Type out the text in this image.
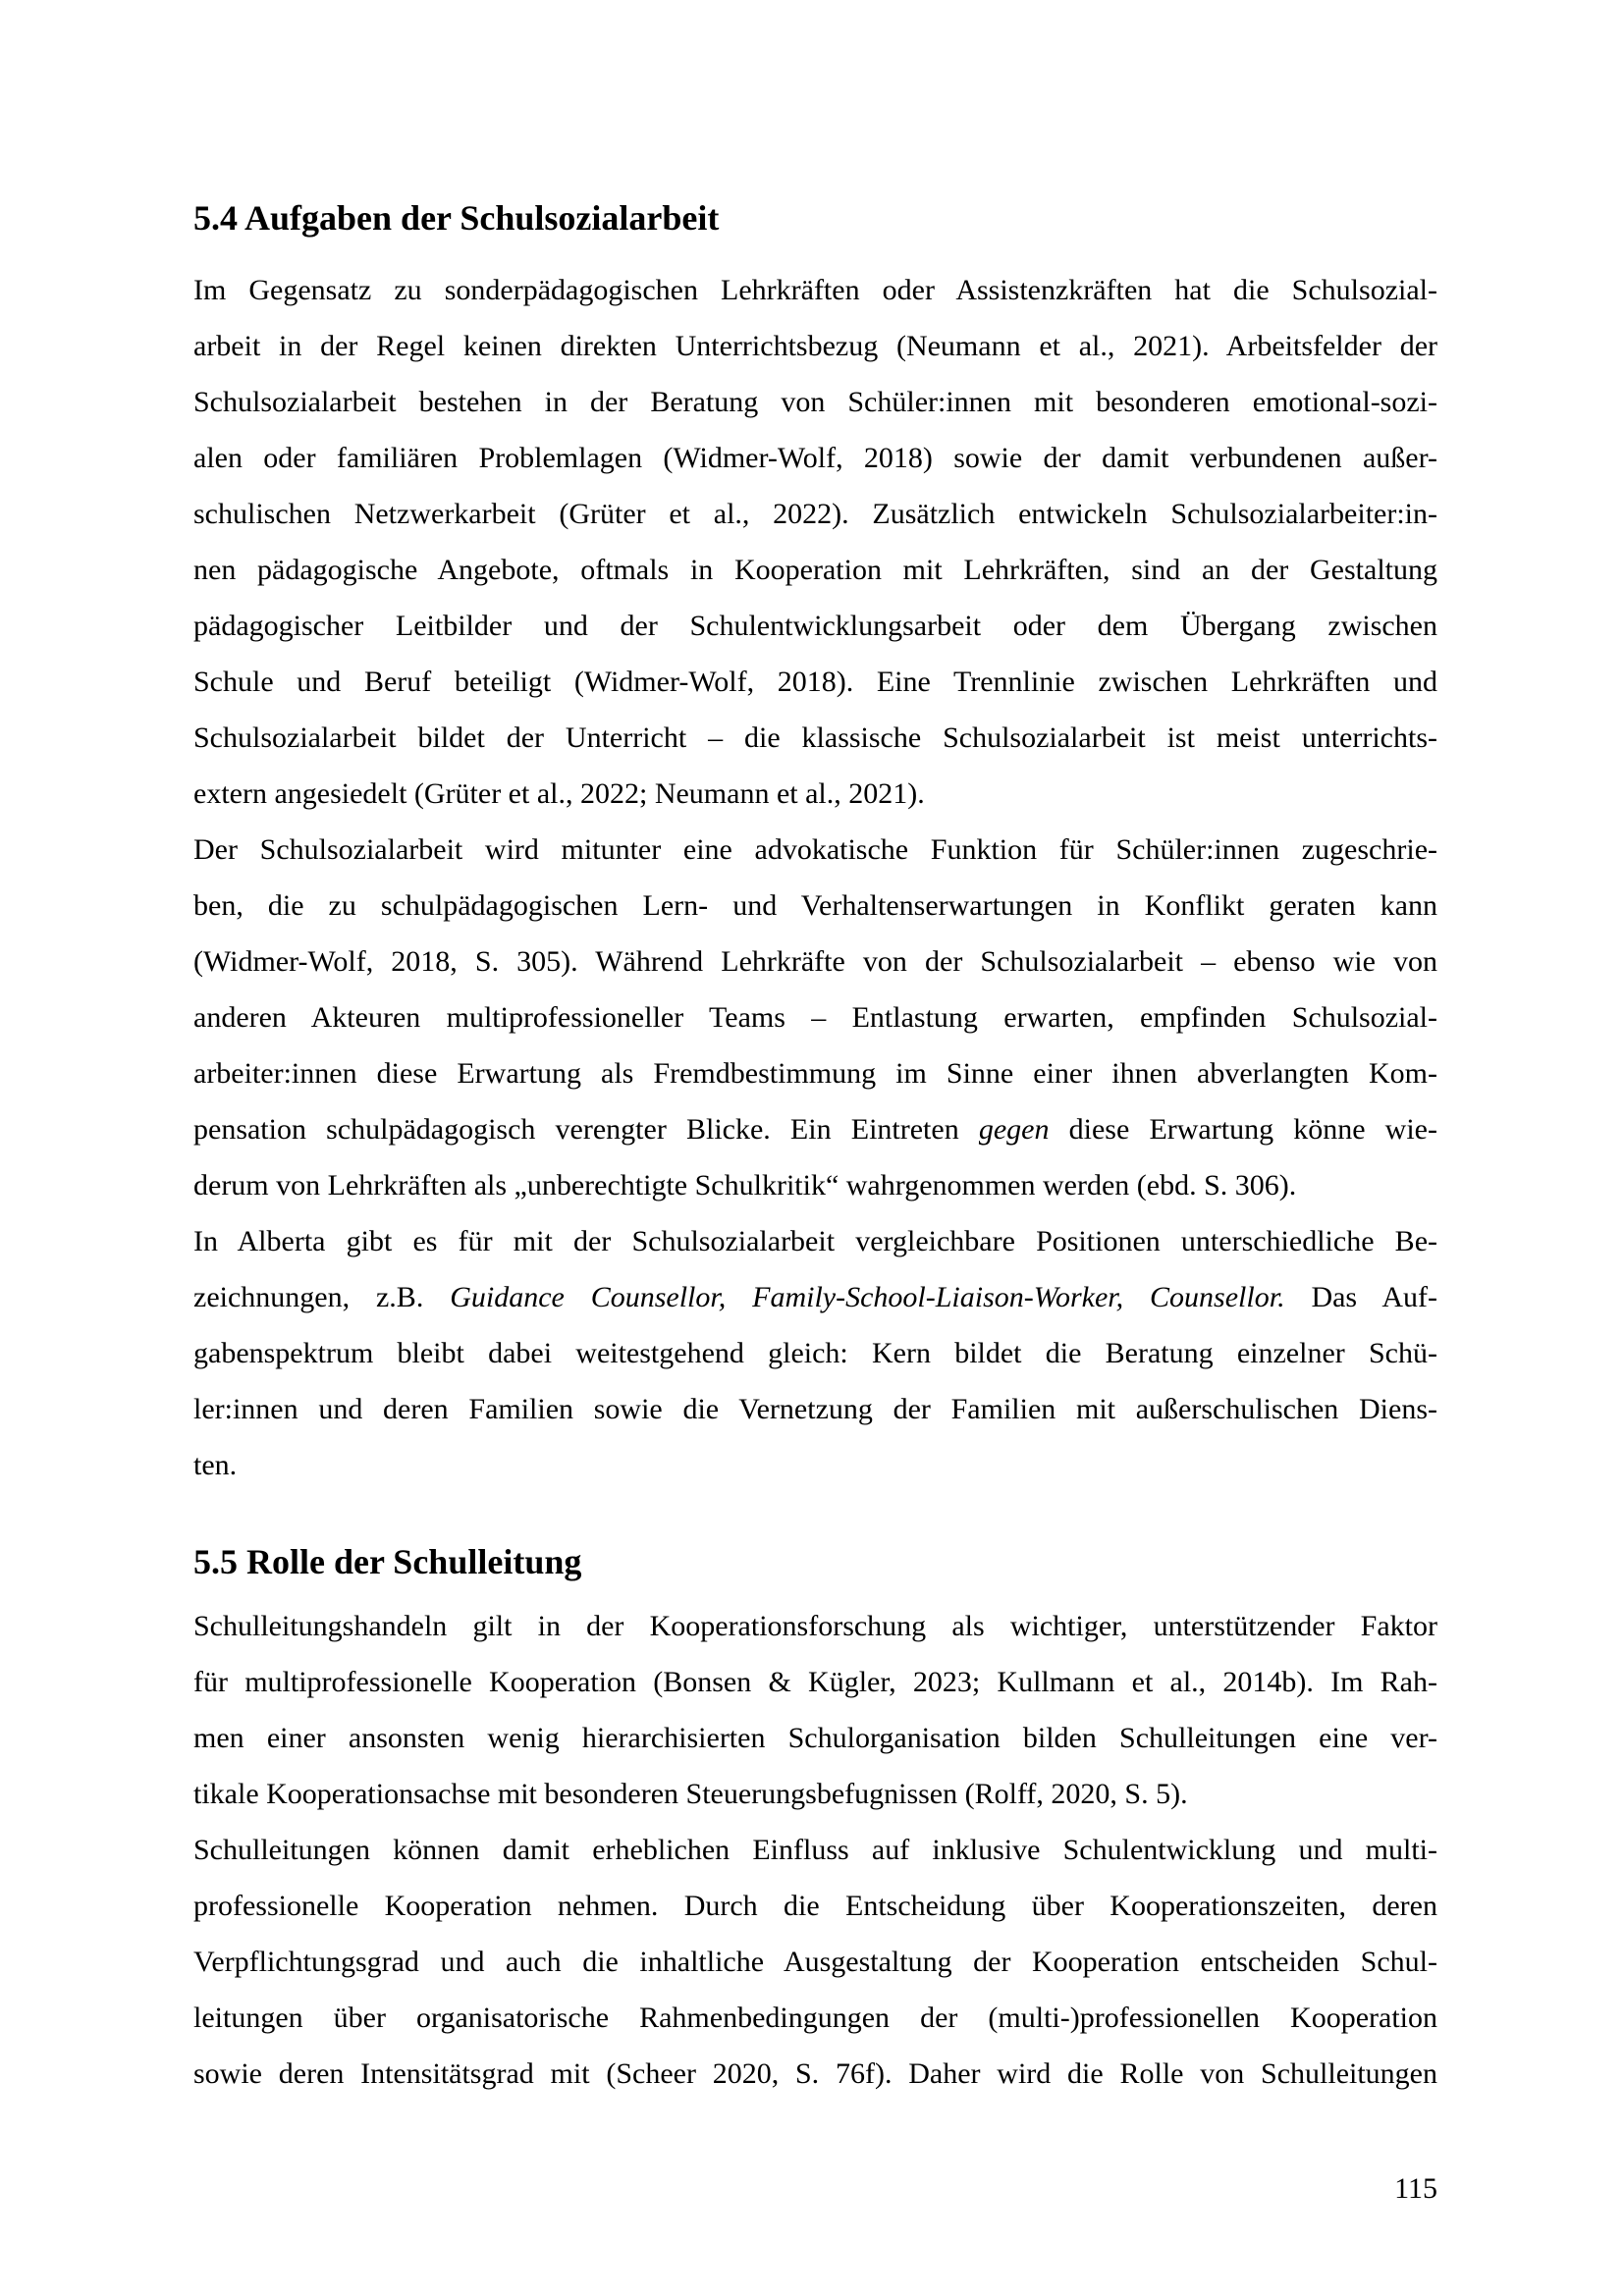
5.4 Aufgaben der Schulsozialarbeit
Im Gegensatz zu sonderpädagogischen Lehrkräften oder Assistenzkräften hat die Schulsozial-
arbeit in der Regel keinen direkten Unterrichtsbezug (Neumann et al., 2021). Arbeitsfelder der
Schulsozialarbeit bestehen in der Beratung von Schüler:innen mit besonderen emotional-sozi-
alen oder familiären Problemlagen (Widmer-Wolf, 2018) sowie der damit verbundenen außer-
schulischen Netzwerkarbeit (Grüter et al., 2022). Zusätzlich entwickeln Schulsozialarbeiter:in-
nen pädagogische Angebote, oftmals in Kooperation mit Lehrkräften, sind an der Gestaltung
pädagogischer Leitbilder und der Schulentwicklungsarbeit oder dem Übergang zwischen
Schule und Beruf beteiligt (Widmer-Wolf, 2018). Eine Trennlinie zwischen Lehrkräften und
Schulsozialarbeit bildet der Unterricht – die klassische Schulsozialarbeit ist meist unterrichts-
extern angesiedelt (Grüter et al., 2022; Neumann et al., 2021).
Der Schulsozialarbeit wird mitunter eine advokatische Funktion für Schüler:innen zugeschrie-
ben, die zu schulpädagogischen Lern- und Verhaltenserwartungen in Konflikt geraten kann
(Widmer-Wolf, 2018, S. 305). Während Lehrkräfte von der Schulsozialarbeit – ebenso wie von
anderen Akteuren multiprofessioneller Teams – Entlastung erwarten, empfinden Schulsozial-
arbeiter:innen diese Erwartung als Fremdbestimmung im Sinne einer ihnen abverlangten Kom-
pensation schulpädagogisch verengter Blicke. Ein Eintreten gegen diese Erwartung könne wie-
derum von Lehrkräften als „unberechtigte Schulkritik“ wahrgenommen werden (ebd. S. 306).
In Alberta gibt es für mit der Schulsozialarbeit vergleichbare Positionen unterschiedliche Be-
zeichnungen, z.B. Guidance Counsellor, Family-School-Liaison-Worker, Counsellor. Das Auf-
gabenspektrum bleibt dabei weitestgehend gleich: Kern bildet die Beratung einzelner Schü-
ler:innen und deren Familien sowie die Vernetzung der Familien mit außerschulischen Diens-
ten.
5.5 Rolle der Schulleitung
Schulleitungshandeln gilt in der Kooperationsforschung als wichtiger, unterstützender Faktor
für multiprofessionelle Kooperation (Bonsen & Kügler, 2023; Kullmann et al., 2014b). Im Rah-
men einer ansonsten wenig hierarchisierten Schulorganisation bilden Schulleitungen eine ver-
tikale Kooperationsachse mit besonderen Steuerungsbefugnissen (Rolff, 2020, S. 5).
Schulleitungen können damit erheblichen Einfluss auf inklusive Schulentwicklung und multi-
professionelle Kooperation nehmen. Durch die Entscheidung über Kooperationszeiten, deren
Verpflichtungsgrad und auch die inhaltliche Ausgestaltung der Kooperation entscheiden Schul-
leitungen über organisatorische Rahmenbedingungen der (multi-)professionellen Kooperation
sowie deren Intensitätsgrad mit (Scheer 2020, S. 76f). Daher wird die Rolle von Schulleitungen
115
